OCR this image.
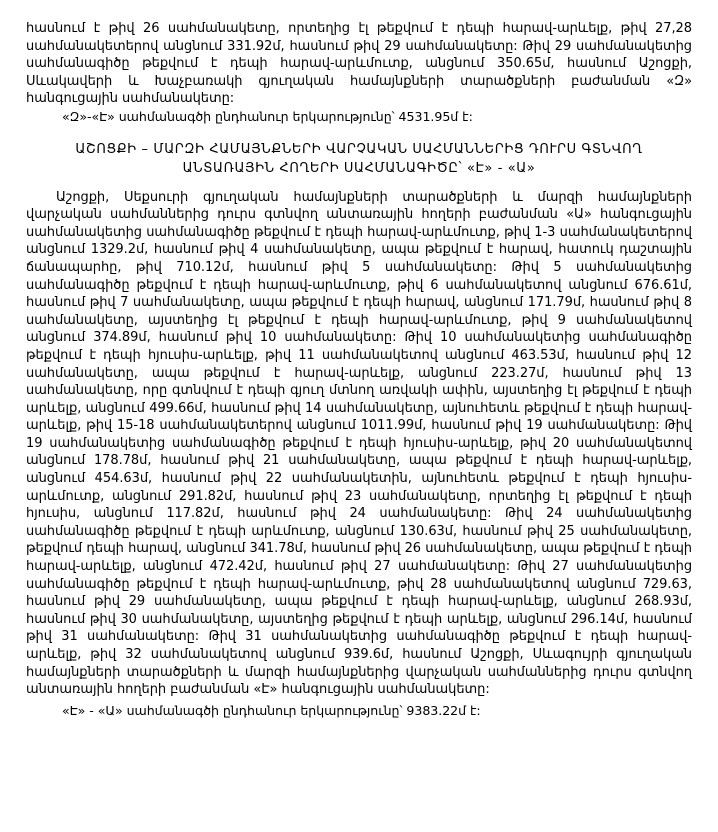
հասնում է թիվ 26 սահմանակետը, որտեղից էլ թեքվում է դեպի հարավ-արևելք, թիվ 27,28 սահմանակետերով անցնում 331.92մ, հասնում թիվ 29 սահմանակետը: Թիվ 29 սահմանակետից սահմանագիծը թեքվում է դեպի հարավ-արևմուտք, անցնում 350.65մ, հասնում Աշոցքի, Սևակավերի և Խաչբառակի գյուղական համայնքների տարածքների բաժանման «Զ» հանգուցային սահմանակետը:

«Զ»-«Է» սահմանագծի ընդհանուր երկարությունը՝ 4531.95մ է:

ԱՇՈՑՔԻ – ՄԱՐԶԻ ՀԱՄԱՅՆՔՆԵՐԻ ՎԱՐՉԱԿԱՆ ՍԱՀՄԱՆՆԵՐԻՑ ԴՈՒՐՍ ԳՏՆՎՈՂ
ԱՆՏԱՌԱՅԻՆ ՀՈՂԵՐԻ ՍԱՀՄԱՆԱԳԻԾԸ՝ «Է» - «Ա»

Աշոցքի, Սեքսուրի գյուղական համայնքների տարածքների և մարզի համայնքների վարչական սահմաններից դուրս գտնվող անտառային հողերի բաժանման «Ա» հանգուցային սահմանակետից սահմանագիծը թեքվում է դեպի հարավ-արևմուտք, թիվ 1-3 սահմանակետերով անցնում 1329.2մ, հասնում թիվ 4 սահմանակետը, ապա թեքվում է հարավ, հատուկ դաշտային ճանապարհը, թիվ 710.12մ, հասնում թիվ 5 սահմանակետը: Թիվ 5 սահմանակետից սահմանագիծը թեքվում է դեպի հարավ-արևմուտք, թիվ 6 սահմանակետով անցնում 676.61մ, հասնում թիվ 7 սահմանակետը, ապա թեքվում է դեպի հարավ, անցնում 171.79մ, հասնում թիվ 8 սահմանակետը, այստեղից էլ թեքվում է դեպի հարավ-արևմուտք, թիվ 9 սահմանակետով անցնում 374.89մ, հասնում թիվ 10 սահմանակետը: Թիվ 10 սահմանակետից սահմանագիծը թեքվում է դեպի հյուսիս-արևելք, թիվ 11 սահմանակետով անցնում 463.53մ, հասնում թիվ 12 սահմանակետը, ապա թեքվում է հարավ-արևելք, անցնում 223.27մ, հասնում թիվ 13 սահմանակետը, որը գտնվում է դեպի գյուղ մտնող առվակի ափին, այստեղից էլ թեքվում է դեպի արևելք, անցնում 499.66մ, հասնում թիվ 14 սահմանակետը, այնուհետև թեքվում է դեպի հարավ-արևելք, թիվ 15-18 սահմանակետերով անցնում 1011.99մ, հասնում թիվ 19 սահմանակետը: Թիվ 19 սահմանակետից սահմանագիծը թեքվում է դեպի հյուսիս-արևելք, թիվ 20 սահմանակետով անցնում 178.78մ, հասնում թիվ 21 սահմանակետը, ապա թեքվում է դեպի հարավ-արևելք, անցնում 454.63մ, հասնում թիվ 22 սահմանակետին, այնուհետև թեքվում է դեպի հյուսիս-արևմուտք, անցնում 291.82մ, հասնում թիվ 23 սահմանակետը, որտեղից էլ թեքվում է դեպի հյուսիս, անցնում 117.82մ, հասնում թիվ 24 սահմանակետը: Թիվ 24 սահմանակետից սահմանագիծը թեքվում է դեպի արևմուտք, անցնում 130.63մ, հասնում թիվ 25 սահմանակետը, թեքվում դեպի հարավ, անցնում 341.78մ, հասնում թիվ 26 սահմանակետը, ապա թեքվում է դեպի հարավ-արևելք, անցնում 472.42մ, հասնում թիվ 27 սահմանակետը: Թիվ 27 սահմանակետից սահմանագիծը թեքվում է դեպի հարավ-արևմուտք, թիվ 28 սահմանակետով անցնում 729.63, հասնում թիվ 29 սահմանակետը, ապա թեքվում է դեպի հարավ-արևելք, անցնում 268.93մ, հասնում թիվ 30 սահմանակետը, այստեղից թեքվում է դեպի արևելք, անցնում 296.14մ, հասնում թիվ 31 սահմանակետը: Թիվ 31 սահմանակետից սահմանագիծը թեքվում է դեպի հարավ-արևելք, թիվ 32 սահմանակետով անցնում 939.6մ, հասնում Աշոցքի, Սևագույրի գյուղական համայնքների տարածքների և մարզի համայնքներից վարչական սահմաններից դուրս գտնվող անտառային հողերի բաժանման «Է» հանգուցային սահմանակետը:

«Է» - «Ա» սահմանագծի ընդհանուր երկարությունը՝ 9383.22մ է:
